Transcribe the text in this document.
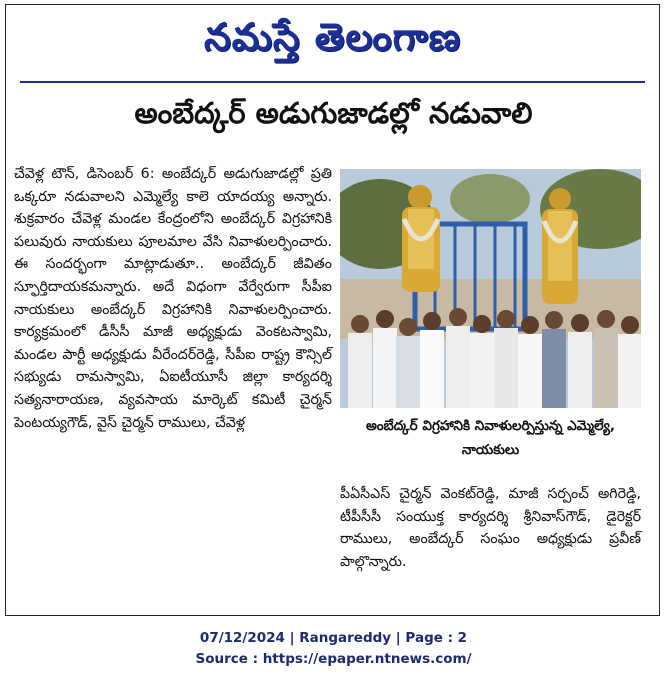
నమస్తే తెలంగాణ
అంబేద్కర్ అడుగుజాడల్లో నడువాలి

చేవెళ్ల టౌన్, డిసెంబర్ 6: అంబేద్కర్ అడుగుజాడల్లో ప్రతి ఒక్కరూ నడువాలని ఎమ్మెల్యే కాలె యాదయ్య అన్నారు. శుక్రవారం చేవెళ్ల మండల కేంద్రంలోని అంబేద్కర్ విగ్రహానికి పలువురు నాయకులు పూలమాల వేసి నివాళులర్పించారు. ఈ సందర్భంగా మాట్లాడుతూ.. అంబేద్కర్ జీవితం స్ఫూర్తిదాయకమన్నారు. అదే విధంగా వేర్వేరుగా సీపీఐ నాయకులు అంబేద్కర్ విగ్రహానికి నివాళులర్పించారు. కార్యక్రమంలో డీసీసీ మాజీ అధ్యక్షుడు వెంకటస్వామి, మండల పార్టీ అధ్యక్షుడు వీరేందర్‌రెడ్డి, సీపీఐ రాష్ట్ర కౌన్సిల్ సభ్యుడు రామస్వామి, ఏఐటీయూసీ జిల్లా కార్యదర్శి సత్యనారాయణ, వ్యవసాయ మార్కెట్ కమిటీ చైర్మన్ పెంటయ్యగౌడ్, వైస్ చైర్మన్ రాములు, చేవెళ్ల	అంబేద్కర్ విగ్రహానికి నివాళులర్పిస్తున్న ఎమ్మెల్యే, నాయకులు

పీఏసీఎస్ చైర్మన్ వెంకట్‌రెడ్డి, మాజీ సర్పంచ్ అగిరెడ్డి, టీపీసీసీ సంయుక్త కార్యదర్శి శ్రీనివాస్‌గౌడ్, డైరెక్టర్ రాములు, అంబేద్కర్ సంఘం అధ్యక్షుడు ప్రవీణ్ పాల్గొన్నారు.

07/12/2024 | Rangareddy | Page : 2
Source : https://epaper.ntnews.com/
